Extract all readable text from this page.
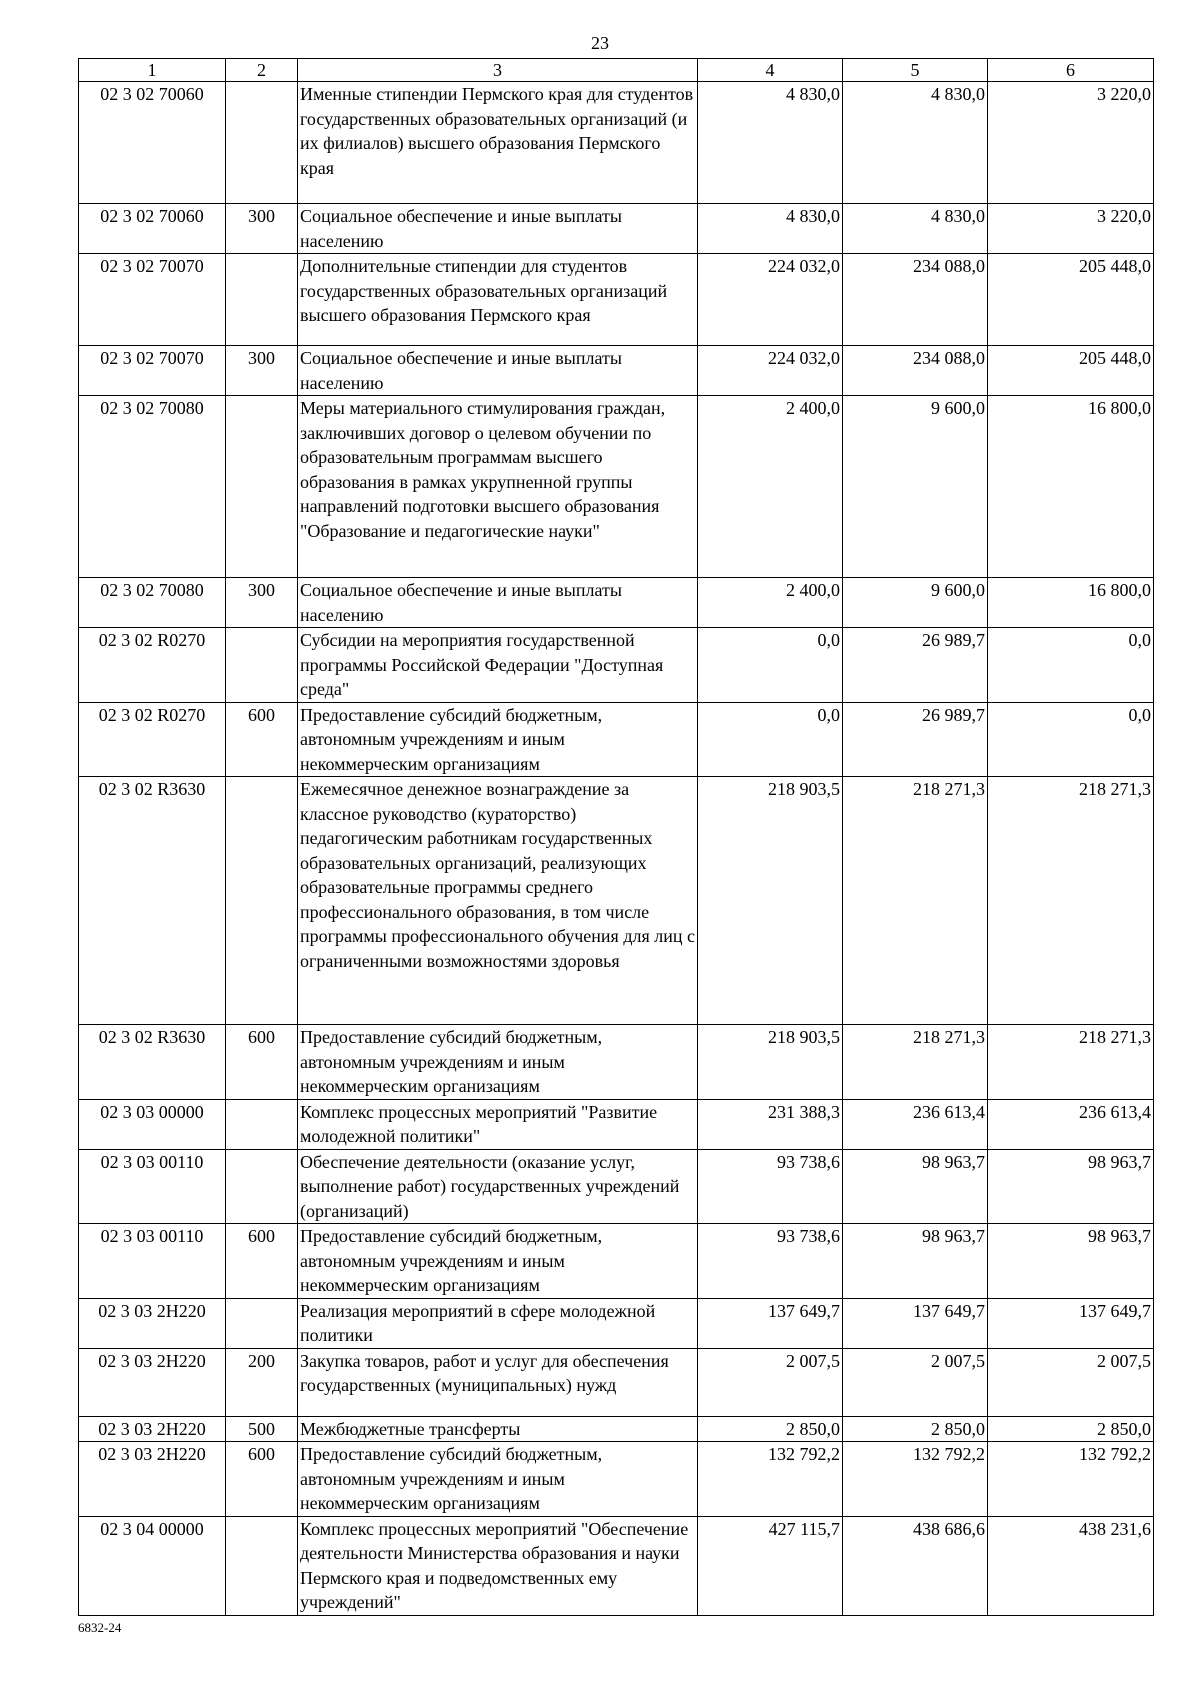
23
1	2	3	4	5	6
02 3 02 70060		Именные стипендии Пермского края для студентов государственных образовательных организаций (и их филиалов) высшего образования Пермского края	4 830,0	4 830,0	3 220,0
02 3 02 70060	300	Социальное обеспечение и иные выплаты населению	4 830,0	4 830,0	3 220,0
02 3 02 70070		Дополнительные стипендии для студентов государственных образовательных организаций высшего образования Пермского края	224 032,0	234 088,0	205 448,0
02 3 02 70070	300	Социальное обеспечение и иные выплаты населению	224 032,0	234 088,0	205 448,0
02 3 02 70080		Меры материального стимулирования граждан, заключивших договор о целевом обучении по образовательным программам высшего образования в рамках укрупненной группы направлений подготовки высшего образования "Образование и педагогические науки"	2 400,0	9 600,0	16 800,0
02 3 02 70080	300	Социальное обеспечение и иные выплаты населению	2 400,0	9 600,0	16 800,0
02 3 02 R0270		Субсидии на мероприятия государственной программы Российской Федерации "Доступная среда"	0,0	26 989,7	0,0
02 3 02 R0270	600	Предоставление субсидий бюджетным, автономным учреждениям и иным некоммерческим организациям	0,0	26 989,7	0,0
02 3 02 R3630		Ежемесячное денежное вознаграждение за классное руководство (кураторство) педагогическим работникам государственных образовательных организаций, реализующих образовательные программы среднего профессионального образования, в том числе программы профессионального обучения для лиц с ограниченными возможностями здоровья	218 903,5	218 271,3	218 271,3
02 3 02 R3630	600	Предоставление субсидий бюджетным, автономным учреждениям и иным некоммерческим организациям	218 903,5	218 271,3	218 271,3
02 3 03 00000		Комплекс процессных мероприятий "Развитие молодежной политики"	231 388,3	236 613,4	236 613,4
02 3 03 00110		Обеспечение деятельности (оказание услуг, выполнение работ) государственных учреждений (организаций)	93 738,6	98 963,7	98 963,7
02 3 03 00110	600	Предоставление субсидий бюджетным, автономным учреждениям и иным некоммерческим организациям	93 738,6	98 963,7	98 963,7
02 3 03 2Н220		Реализация мероприятий в сфере молодежной политики	137 649,7	137 649,7	137 649,7
02 3 03 2Н220	200	Закупка товаров, работ и услуг для обеспечения государственных (муниципальных) нужд	2 007,5	2 007,5	2 007,5
02 3 03 2Н220	500	Межбюджетные трансферты	2 850,0	2 850,0	2 850,0
02 3 03 2Н220	600	Предоставление субсидий бюджетным, автономным учреждениям и иным некоммерческим организациям	132 792,2	132 792,2	132 792,2
02 3 04 00000		Комплекс процессных мероприятий "Обеспечение деятельности Министерства образования и науки Пермского края и подведомственных ему учреждений"	427 115,7	438 686,6	438 231,6
6832-24
